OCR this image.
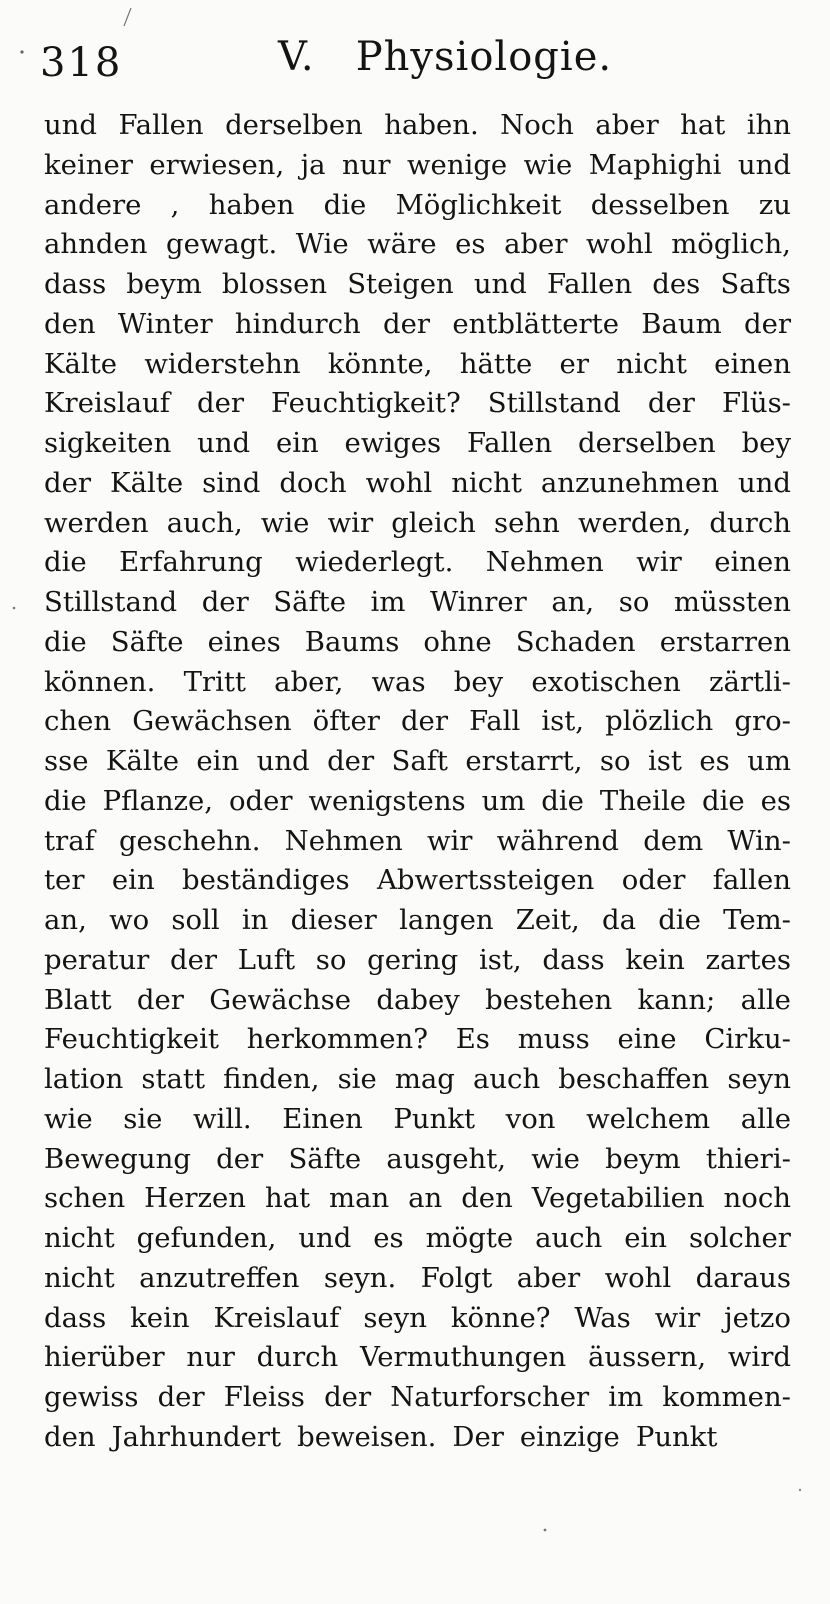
318	V.   Physiologie.
und Fallen derselben haben. Noch aber hat ihn
keiner erwiesen, ja nur wenige wie Maphighi und
andere , haben die Möglichkeit desselben zu
ahnden gewagt. Wie wäre es aber wohl möglich,
dass beym blossen Steigen und Fallen des Safts
den Winter hindurch der entblätterte Baum der
Kälte widerstehn könnte, hätte er nicht einen
Kreislauf der Feuchtigkeit? Stillstand der Flüs-
sigkeiten und ein ewiges Fallen derselben bey
der Kälte sind doch wohl nicht anzunehmen und
werden auch, wie wir gleich sehn werden, durch
die Erfahrung wiederlegt. Nehmen wir einen
Stillstand der Säfte im Winrer an, so müssten
die Säfte eines Baums ohne Schaden erstarren
können. Tritt aber, was bey exotischen zärtli-
chen Gewächsen öfter der Fall ist, plözlich gro-
sse Kälte ein und der Saft erstarrt, so ist es um
die Pflanze, oder wenigstens um die Theile die es
traf geschehn. Nehmen wir während dem Win-
ter ein beständiges Abwertssteigen oder fallen
an, wo soll in dieser langen Zeit, da die Tem-
peratur der Luft so gering ist, dass kein zartes
Blatt der Gewächse dabey bestehen kann; alle
Feuchtigkeit herkommen? Es muss eine Cirku-
lation statt finden, sie mag auch beschaffen seyn
wie sie will. Einen Punkt von welchem alle
Bewegung der Säfte ausgeht, wie beym thieri-
schen Herzen hat man an den Vegetabilien noch
nicht gefunden, und es mögte auch ein solcher
nicht anzutreffen seyn. Folgt aber wohl daraus
dass kein Kreislauf seyn könne? Was wir jetzo
hierüber nur durch Vermuthungen äussern, wird
gewiss der Fleiss der Naturforscher im kommen-
den Jahrhundert beweisen. Der einzige Punkt
